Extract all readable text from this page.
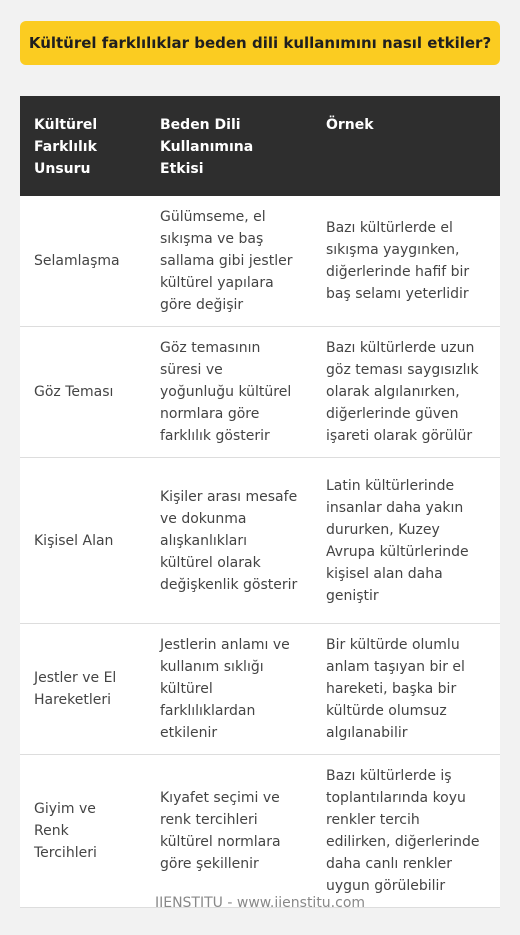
Kültürel farklılıklar beden dili kullanımını nasıl etkiler?
Kültürel Farklılık Unsuru	Beden Dili Kullanımına Etkisi	Örnek
Selamlaşma	Gülümseme, el sıkışma ve baş sallama gibi jestler kültürel yapılara göre değişir	Bazı kültürlerde el sıkışma yaygınken, diğerlerinde hafif bir baş selamı yeterlidir
Göz Teması	Göz temasının süresi ve yoğunluğu kültürel normlara göre farklılık gösterir	Bazı kültürlerde uzun göz teması saygısızlık olarak algılanırken, diğerlerinde güven işareti olarak görülür
Kişisel Alan	Kişiler arası mesafe ve dokunma alışkanlıkları kültürel olarak değişkenlik gösterir	Latin kültürlerinde insanlar daha yakın dururken, Kuzey Avrupa kültürlerinde kişisel alan daha geniştir
Jestler ve El Hareketleri	Jestlerin anlamı ve kullanım sıklığı kültürel farklılıklardan etkilenir	Bir kültürde olumlu anlam taşıyan bir el hareketi, başka bir kültürde olumsuz algılanabilir
Giyim ve Renk Tercihleri	Kıyafet seçimi ve renk tercihleri kültürel normlara göre şekillenir	Bazı kültürlerde iş toplantılarında koyu renkler tercih edilirken, diğerlerinde daha canlı renkler uygun görülebilir
IIENSTITU - www.iienstitu.com
